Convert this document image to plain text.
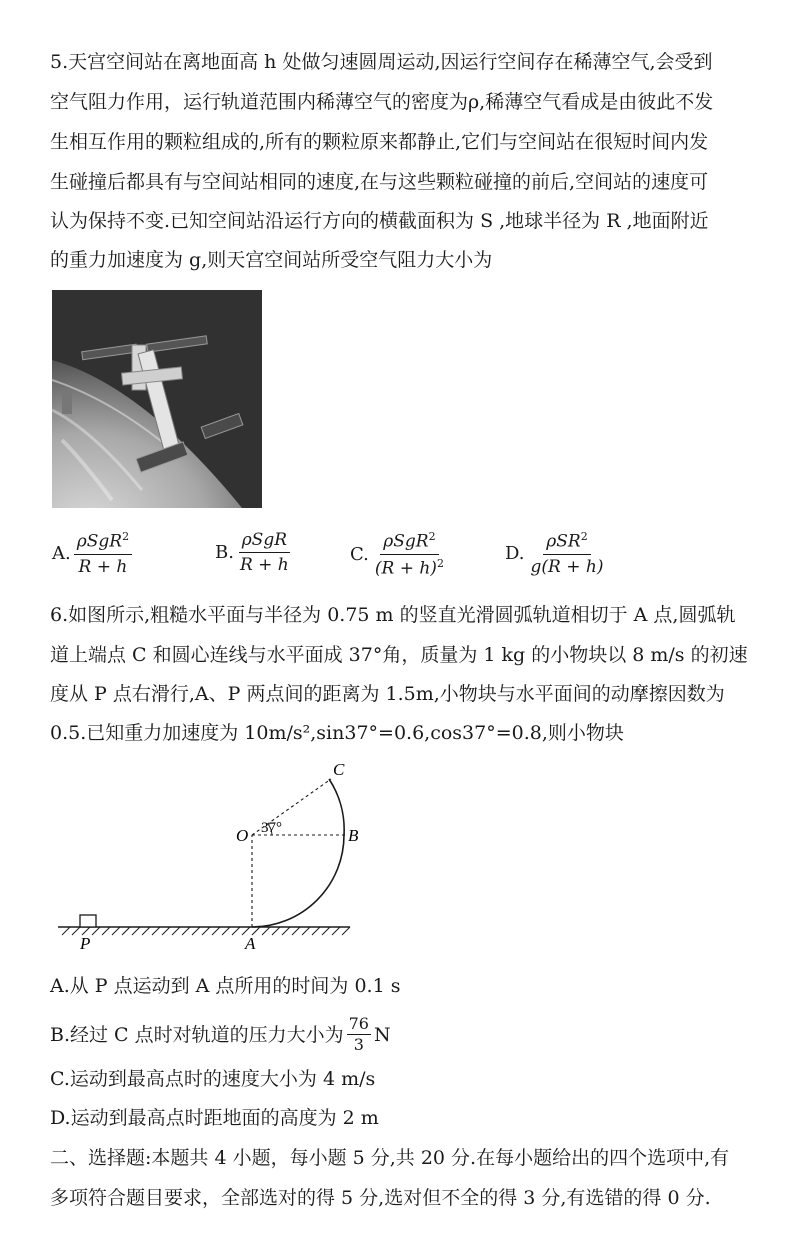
5.天宫空间站在离地面高 h 处做匀速圆周运动,因运行空间存在稀薄空气,会受到
空气阻力作用，运行轨道范围内稀薄空气的密度为ρ,稀薄空气看成是由彼此不发
生相互作用的颗粒组成的,所有的颗粒原来都静止,它们与空间站在很短时间内发
生碰撞后都具有与空间站相同的速度,在与这些颗粒碰撞的前后,空间站的速度可
认为保持不变.已知空间站沿运行方向的横截面积为 S ,地球半径为 R ,地面附近
的重力加速度为 g,则天宫空间站所受空气阻力大小为
A. $\frac{\rho SgR^2}{R + h}$	B. $\frac{\text{ρSgR}}{R + h}$	C. $\frac{\rho SgR^2}{(R + h)^2}$	D. $\frac{\rho SR^2}{g(R + h)}$
6.如图所示,粗糙水平面与半径为 0.75 m 的竖直光滑圆弧轨道相切于 A 点,圆弧轨
道上端点 C 和圆心连线与水平面成 37°角，质量为 1 kg 的小物块以 8 m/s 的初速
度从 P 点右滑行,A、P 两点间的距离为 1.5m,小物块与水平面间的动摩擦因数为
0.5.已知重力加速度为 10m/s²,sin37°=0.6,cos37°=0.8,则小物块
C
O	B
37°
P	A
A.从 P 点运动到 A 点所用的时间为 0.1 s
B.经过 C 点时对轨道的压力大小为 $\frac{76}{3}$ N
C.运动到最高点时的速度大小为 4 m/s
D.运动到最高点时距地面的高度为 2 m
二、选择题:本题共 4 小题，每小题 5 分,共 20 分.在每小题给出的四个选项中,有
多项符合题目要求，全部选对的得 5 分,选对但不全的得 3 分,有选错的得 0 分.
